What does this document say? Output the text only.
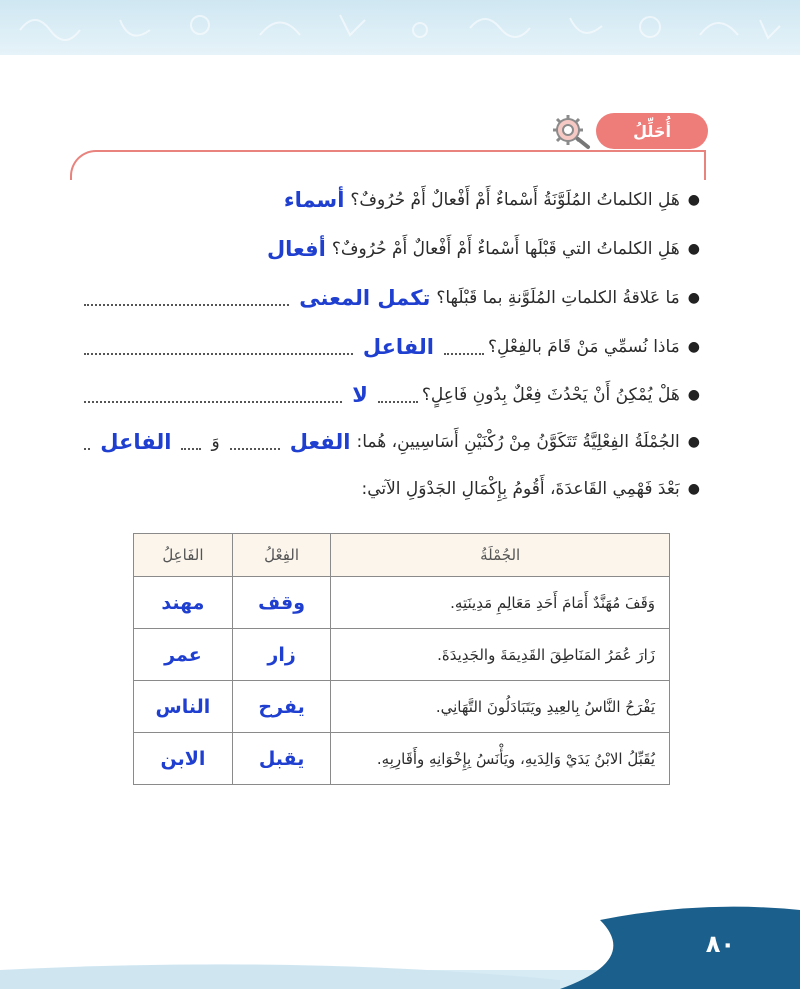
٨٠
أُحَلِّلُ
●
هَلِ الكلماتُ المُلَوَّنَةُ أَسْماءٌ أَمْ أَفْعالٌ أَمْ حُرُوفٌ؟
أسماء
●
هَلِ الكلماتُ التي قَبْلَها أَسْماءٌ أَمْ أَفْعالٌ أَمْ حُرُوفٌ؟
أفعال
●
مَا عَلاقةُ الكلماتِ المُلَوَّنةِ بما قَبْلَها؟
تكمل المعنى
●
مَاذا نُسمِّي مَنْ قَامَ بالفِعْلِ؟
الفاعل
●
هَلْ يُمْكِنُ أَنْ يَحْدُثَ فِعْلٌ بِدُونِ فَاعِلٍ؟
لا
●
الجُمْلَةُ الفِعْلِيَّةُ تَتَكَوَّنُ مِنْ رُكْنَيْنِ أَسَاسِيينِ، هُما:
الفعل
وَ
الفاعل
●
بَعْدَ فَهْمِي القَاعدَةَ، أَقُومُ بِإِكْمَالِ الجَدْوَلِ الآتي:
الجُمْلَةُ	الفِعْلُ	الفَاعِلُ
وَقَفَ مُهَنَّدٌ أَمَامَ أَحَدِ مَعَالِمِ مَدِينَتِهِ.	وقف	مهند
زَارَ عُمَرُ المَنَاطِقَ القَدِيمَةَ والجَدِيدَةَ.	زار	عمر
يَفْرَحُ النَّاسُ بِالعِيدِ ويَتَبَادَلُونَ التَّهَانِي.	يفرح	الناس
يُقَبِّلُ الابْنُ يَدَيْ وَالِدَيهِ، ويَأْنَسُ بِإِخْوَانِهِ وأَقَارِبِهِ.	يقبل	الابن
